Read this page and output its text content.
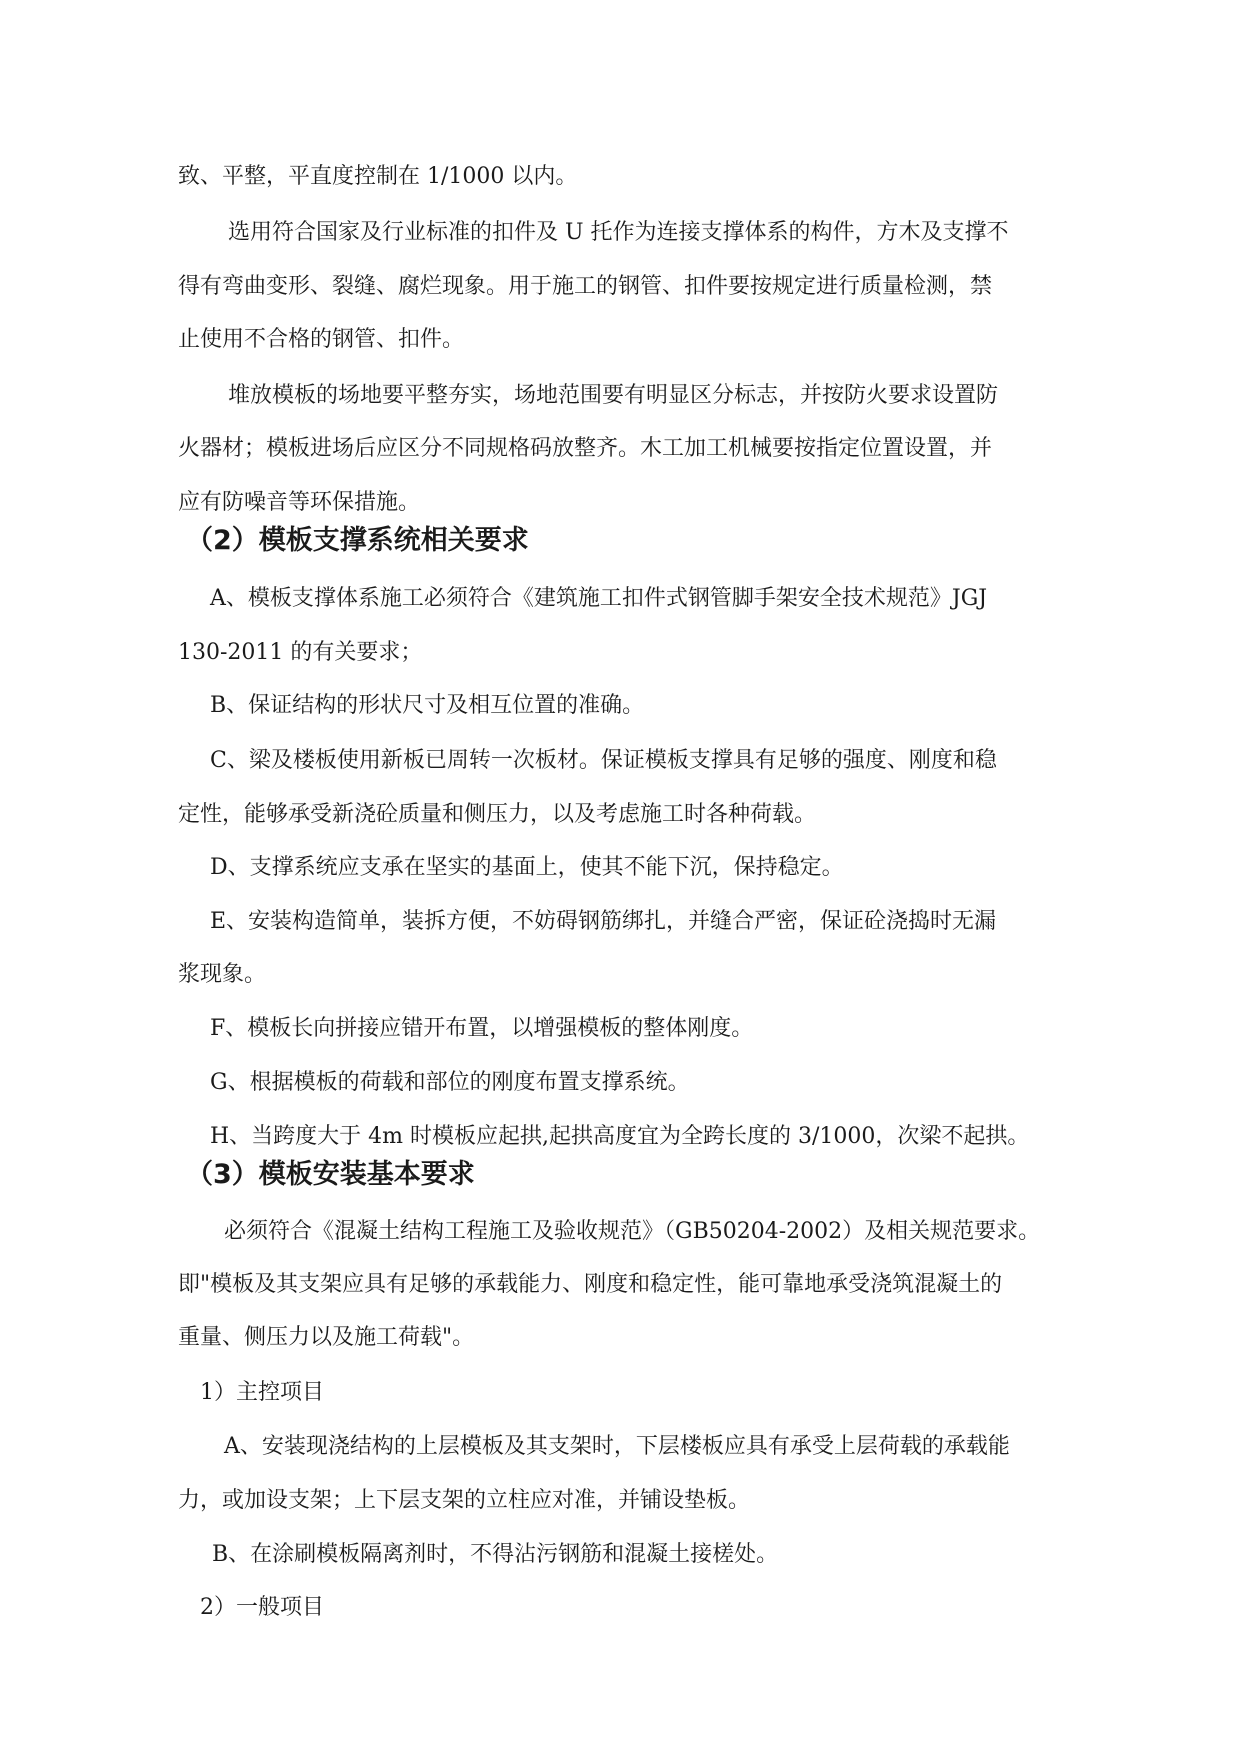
致、平整，平直度控制在 1/1000 以内。
选用符合国家及行业标准的扣件及 U 托作为连接支撑体系的构件，方木及支撑不
得有弯曲变形、裂缝、腐烂现象。用于施工的钢管、扣件要按规定进行质量检测，禁
止使用不合格的钢管、扣件。
堆放模板的场地要平整夯实，场地范围要有明显区分标志，并按防火要求设置防
火器材；模板进场后应区分不同规格码放整齐。木工加工机械要按指定位置设置，并
应有防噪音等环保措施。
（2）模板支撑系统相关要求
A、模板支撑体系施工必须符合《建筑施工扣件式钢管脚手架安全技术规范》JGJ
130-2011 的有关要求；
B、保证结构的形状尺寸及相互位置的准确。
C、梁及楼板使用新板已周转一次板材。保证模板支撑具有足够的强度、刚度和稳
定性，能够承受新浇砼质量和侧压力，以及考虑施工时各种荷载。
D、支撑系统应支承在坚实的基面上，使其不能下沉，保持稳定。
E、安装构造简单，装拆方便，不妨碍钢筋绑扎，并缝合严密，保证砼浇捣时无漏
浆现象。
F、模板长向拼接应错开布置，以增强模板的整体刚度。
G、根据模板的荷载和部位的刚度布置支撑系统。
H、当跨度大于 4m 时模板应起拱,起拱高度宜为全跨长度的 3/1000，次梁不起拱。
（3）模板安装基本要求
必须符合《混凝土结构工程施工及验收规范》（GB50204-2002）及相关规范要求。
即"模板及其支架应具有足够的承载能力、刚度和稳定性，能可靠地承受浇筑混凝土的
重量、侧压力以及施工荷载"。
1）主控项目
A、安装现浇结构的上层模板及其支架时，下层楼板应具有承受上层荷载的承载能
力，或加设支架；上下层支架的立柱应对准，并铺设垫板。
B、在涂刷模板隔离剂时，不得沾污钢筋和混凝土接槎处。
2）一般项目
